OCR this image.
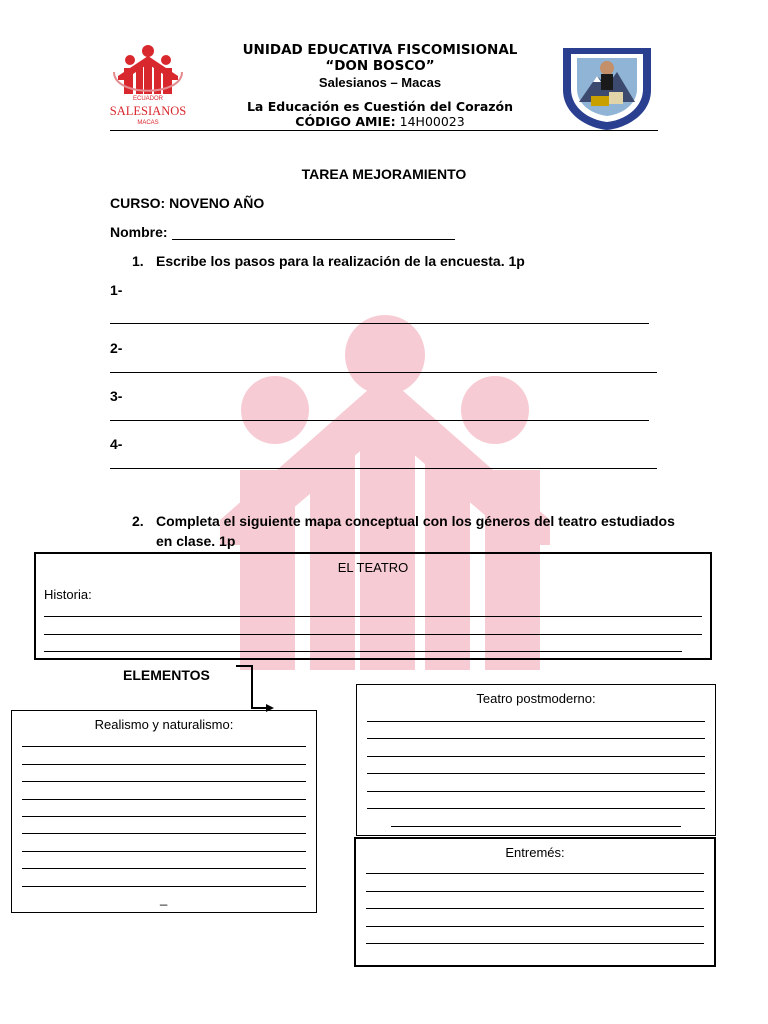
ECUADOR
SALESIANOS
MACAS
UNIDAD EDUCATIVA FISCOMISIONAL
“DON BOSCO”
Salesianos – Macas
La Educación es Cuestión del Corazón
CÓDIGO AMIE: 14H00023
TAREA MEJORAMIENTO
CURSO: NOVENO AÑO
Nombre:
1. Escribe los pasos para la realización de la encuesta. 1p
1-
2-
3-
4-
2. Completa el siguiente mapa conceptual con los géneros del teatro estudiados
en clase. 1p
EL TEATRO
Historia:
ELEMENTOS
Realismo y naturalismo:
_
Teatro postmoderno:
Entremés:
